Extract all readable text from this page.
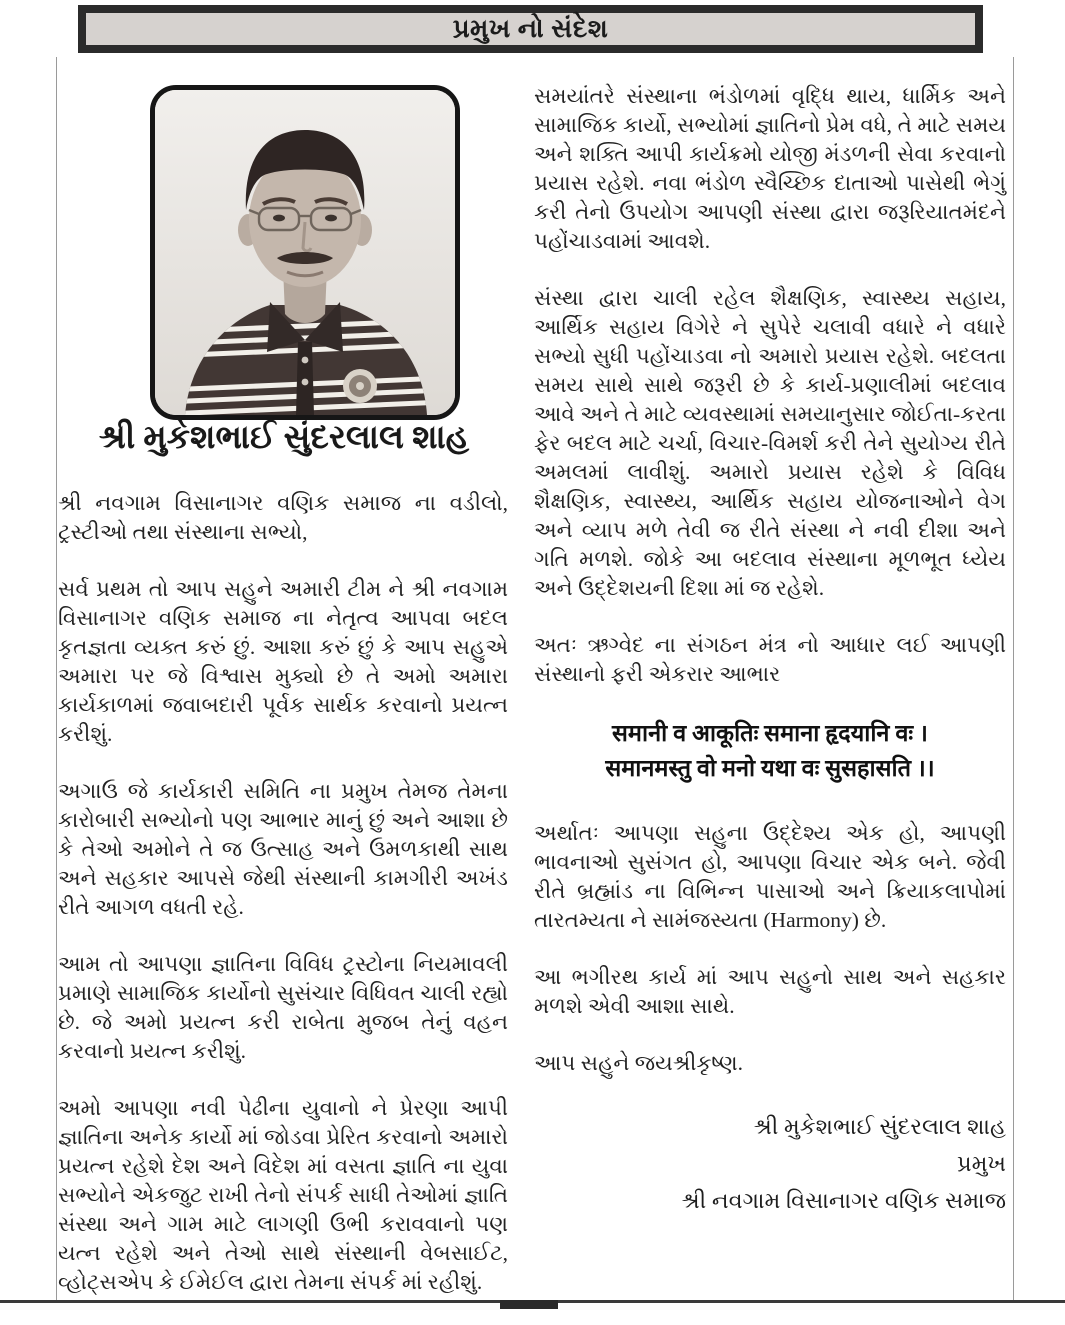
પ્રમુખ નો સંદેશ
શ્રી મુકેશભાઈ સુંદરલાલ શાહ

શ્રી નવગામ વિસાનાગર વણિક સમાજ ના વડીલો, ટ્રસ્ટીઓ તથા સંસ્થાના સભ્યો,

સર્વ પ્રથમ તો આપ સહુને અમારી ટીમ ને શ્રી નવગામ વિસાનાગર વણિક સમાજ ના નેતૃત્વ આપવા બદલ કૃતજ્ઞતા વ્યક્ત કરું છું. આશા કરું છું કે આપ સહુએ અમારા પર જે વિશ્વાસ મુક્યો છે તે અમો અમારા કાર્યકાળમાં જવાબદારી પૂર્વક સાર્થક કરવાનો પ્રયત્ન કરીશું.

અગાઉ જે કાર્યકારી સમિતિ ના પ્રમુખ તેમજ તેમના કારોબારી સભ્યોનો પણ આભાર માનું છું અને આશા છે કે તેઓ અમોને તે જ ઉત્સાહ અને ઉમળકાથી સાથ અને સહકાર આપસે જેથી સંસ્થાની કામગીરી અખંડ રીતે આગળ વધતી રહે.

આમ તો આપણા જ્ઞાતિના વિવિધ ટ્રસ્ટોના નિયમાવલી પ્રમાણે સામાજિક કાર્યોનો સુસંચાર વિધિવત ચાલી રહ્યો છે. જે અમો પ્રયત્ન કરી રાબેતા મુજબ તેનું વહન કરવાનો પ્રયત્ન કરીશું.

અમો આપણા નવી પેઢીના યુવાનો ને પ્રેરણા આપી જ્ઞાતિના અનેક કાર્યો માં જોડવા પ્રેરિત કરવાનો અમારો પ્રયત્ન રહેશે દેશ અને વિદેશ માં વસતા જ્ઞાતિ ના યુવા સભ્યોને એકજુટ રાખી તેનો સંપર્ક સાધી તેઓમાં જ્ઞાતિ સંસ્થા અને ગામ માટે લાગણી ઉભી કરાવવાનો પણ યત્ન રહેશે અને તેઓ સાથે સંસ્થાની વેબસાઈટ, વ્હોટ્સએપ કે ઈમેઈલ દ્વારા તેમના સંપર્ક માં રહીશું.

સમયાંતરે સંસ્થાના ભંડોળમાં વૃદ્ધિ થાય, ધાર્મિક અને સામાજિક કાર્યો, સભ્યોમાં જ્ઞાતિનો પ્રેમ વધે, તે માટે સમય અને શક્તિ આપી કાર્યક્રમો યોજી મંડળની સેવા કરવાનો પ્રયાસ રહેશે. નવા ભંડોળ સ્વૈચ્છિક દાતાઓ પાસેથી ભેગું કરી તેનો ઉપયોગ આપણી સંસ્થા દ્વારા જરૂરિયાતમંદને પહોંચાડવામાં આવશે.

સંસ્થા દ્વારા ચાલી રહેલ શૈક્ષણિક, સ્વાસ્થ્ય સહાય, આર્થિક સહાય વિગેરે ને સુપેરે ચલાવી વધારે ને વધારે સભ્યો સુધી પહોંચાડવા નો અમારો પ્રયાસ રહેશે. બદલતા સમય સાથે સાથે જરૂરી છે કે કાર્ય-પ્રણાલીમાં બદલાવ આવે અને તે માટે વ્યવસ્થામાં સમયાનુસાર જોઈતા-કરતા ફેર બદલ માટે ચર્ચા, વિચાર-વિમર્શ કરી તેને સુયોગ્ય રીતે અમલમાં લાવીશું. અમારો પ્રયાસ રહેશે કે વિવિધ શૈક્ષણિક, સ્વાસ્થ્ય, આર્થિક સહાય યોજનાઓને વેગ અને વ્યાપ મળે તેવી જ રીતે સંસ્થા ને નવી દીશા અને ગતિ મળશે. જોકે આ બદલાવ સંસ્થાના મૂળભૂત ધ્યેય અને ઉદ્દેશયની દિશા માં જ રહેશે.

અતઃ ઋગ્વેદ ના સંગઠન મંત્ર નો આધાર લઈ આપણી સંસ્થાનો ફરી એકરાર આભાર

समानी व आकूतिः समाना हृदयानि वः ।
समानमस्तु वो मनो यथा वः सुसहासति ।।

અર્થાતઃ આપણા સહુના ઉદ્દેશ્ય એક હો, આપણી ભાવનાઓ સુસંગત હો, આપણા વિચાર એક બને. જેવી રીતે બ્રહ્માંડ ના વિભિન્ન પાસાઓ અને ક્રિયાકલાપોમાં તારતમ્યતા ને સામંજસ્યતા (Harmony) છે.

આ ભગીરથ કાર્ય માં આપ સહુનો સાથ અને સહકાર મળશે એવી આશા સાથે.

આપ સહુને જયશ્રીકૃષ્ણ.

શ્રી મુકેશભાઈ સુંદરલાલ શાહ
પ્રમુખ
શ્રી નવગામ વિસાનાગર વણિક સમાજ
